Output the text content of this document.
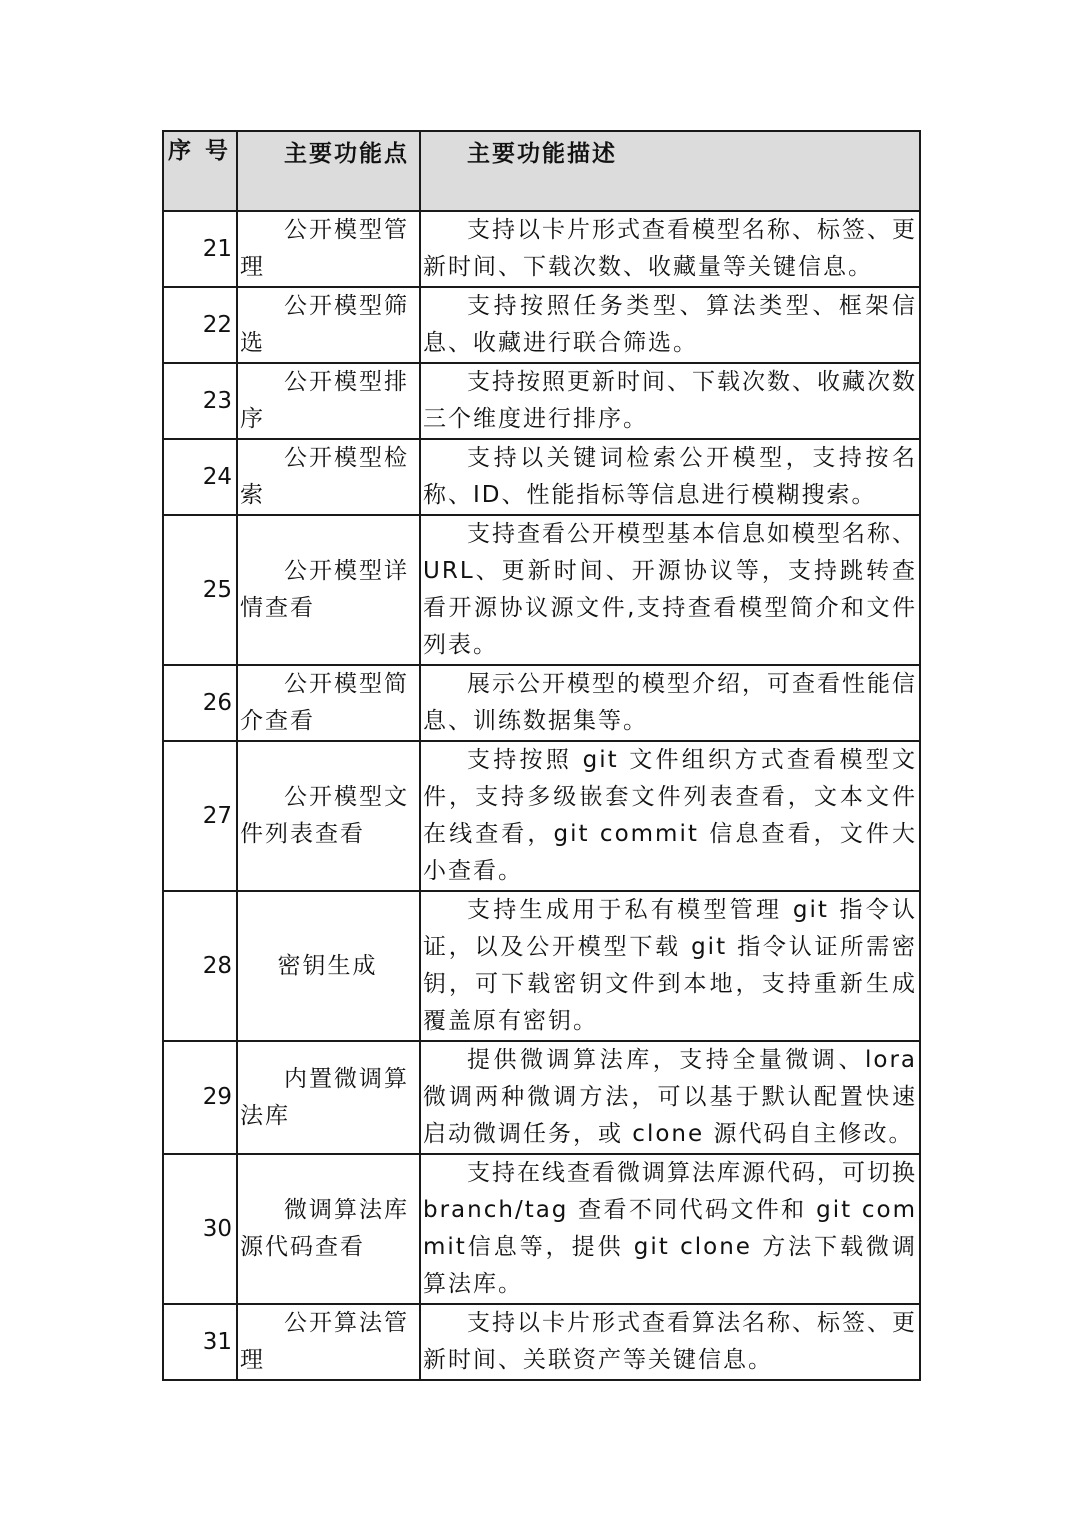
序号	主要功能点	主要功能描述
21	公开模型管理	支持以卡片形式查看模型名称、标签、更新时间、下载次数、收藏量等关键信息。
22	公开模型筛选	支持按照任务类型、算法类型、框架信息、收藏进行联合筛选。
23	公开模型排序	支持按照更新时间、下载次数、收藏次数三个维度进行排序。
24	公开模型检索	支持以关键词检索公开模型，支持按名称、ID、性能指标等信息进行模糊搜索。
25	公开模型详情查看	支持查看公开模型基本信息如模型名称、URL、更新时间、开源协议等，支持跳转查看开源协议源文件,支持查看模型简介和文件列表。
26	公开模型简介查看	展示公开模型的模型介绍，可查看性能信息、训练数据集等。
27	公开模型文件列表查看	支持按照 git 文件组织方式查看模型文件，支持多级嵌套文件列表查看，文本文件在线查看，git commit 信息查看，文件大小查看。
28	密钥生成	支持生成用于私有模型管理 git 指令认证，以及公开模型下载 git 指令认证所需密钥，可下载密钥文件到本地，支持重新生成覆盖原有密钥。
29	内置微调算法库	提供微调算法库，支持全量微调、lora 微调两种微调方法，可以基于默认配置快速启动微调任务，或 clone 源代码自主修改。
30	微调算法库源代码查看	支持在线查看微调算法库源代码，可切换branch/tag 查看不同代码文件和 git commit信息等，提供 git clone 方法下载微调算法库。
31	公开算法管理	支持以卡片形式查看算法名称、标签、更新时间、关联资产等关键信息。
